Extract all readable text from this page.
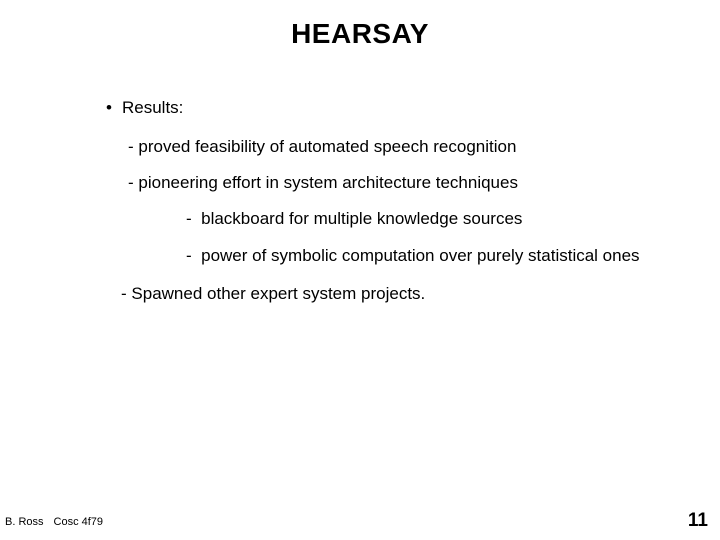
HEARSAY
• Results:
- proved feasibility of automated speech recognition
- pioneering effort in system architecture techniques
- blackboard for multiple knowledge sources
- power of symbolic computation over purely statistical ones
- Spawned other expert system projects.
B. Ross Cosc 4f79	11
